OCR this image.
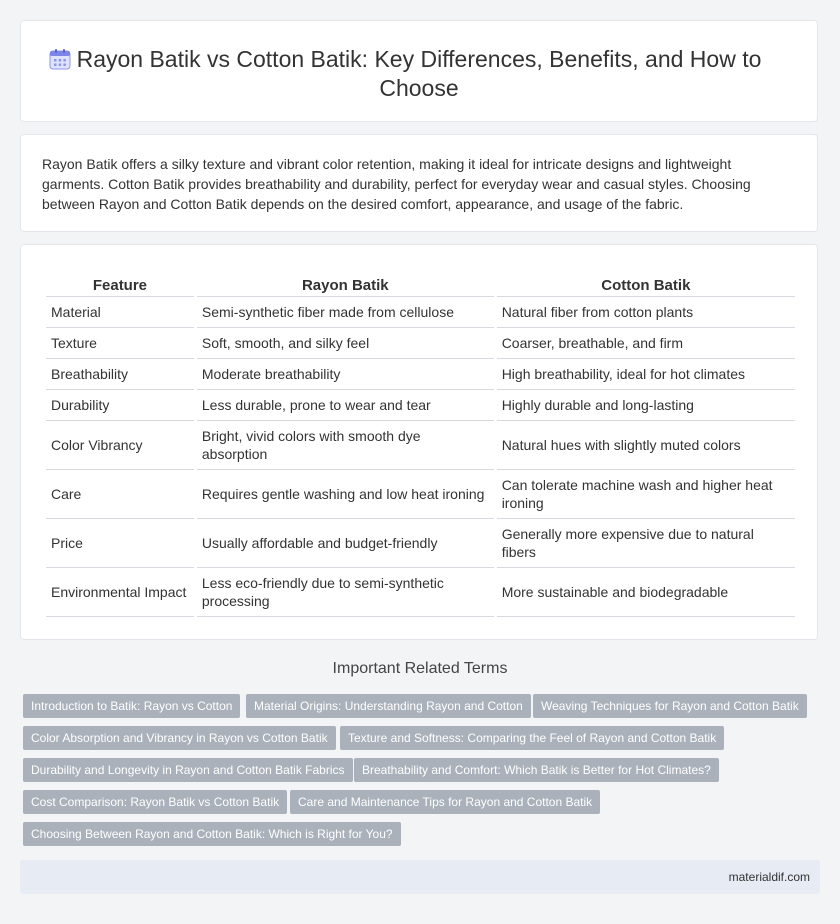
Rayon Batik vs Cotton Batik: Key Differences, Benefits, and How to
Choose

Rayon Batik offers a silky texture and vibrant color retention, making it ideal for intricate designs and lightweight garments. Cotton Batik provides breathability and durability, perfect for everyday wear and casual styles. Choosing between Rayon and Cotton Batik depends on the desired comfort, appearance, and usage of the fabric.

Feature	Rayon Batik	Cotton Batik
Material	Semi-synthetic fiber made from cellulose	Natural fiber from cotton plants
Texture	Soft, smooth, and silky feel	Coarser, breathable, and firm
Breathability	Moderate breathability	High breathability, ideal for hot climates
Durability	Less durable, prone to wear and tear	Highly durable and long-lasting
Color Vibrancy	Bright, vivid colors with smooth dye absorption	Natural hues with slightly muted colors
Care	Requires gentle washing and low heat ironing	Can tolerate machine wash and higher heat ironing
Price	Usually affordable and budget-friendly	Generally more expensive due to natural fibers
Environmental Impact	Less eco-friendly due to semi-synthetic processing	More sustainable and biodegradable
Important Related Terms
Introduction to Batik: Rayon vs Cotton	Material Origins: Understanding Rayon and Cotton	Weaving Techniques for Rayon and Cotton Batik
Color Absorption and Vibrancy in Rayon vs Cotton Batik	Texture and Softness: Comparing the Feel of Rayon and Cotton Batik
Durability and Longevity in Rayon and Cotton Batik Fabrics	Breathability and Comfort: Which Batik is Better for Hot Climates?
Cost Comparison: Rayon Batik vs Cotton Batik	Care and Maintenance Tips for Rayon and Cotton Batik
Choosing Between Rayon and Cotton Batik: Which is Right for You?
materialdif.com
